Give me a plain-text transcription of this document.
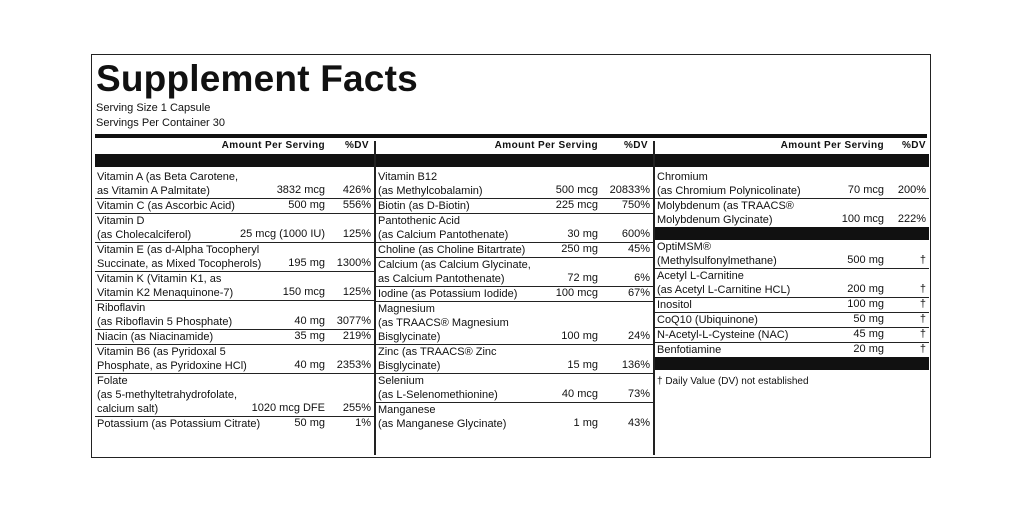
Supplement Facts
Serving Size 1 Capsule
Servings Per Container 30
Amount Per Serving %DV
Vitamin A (as Beta Carotene,
as Vitamin A Palmitate)	3832 mcg 426%
Vitamin C (as Ascorbic Acid)	500 mg 556%
Vitamin D
(as Cholecalciferol)	25 mcg (1000 IU) 125%
Vitamin E (as d-Alpha Tocopheryl
Succinate, as Mixed Tocopherols)	195 mg 1300%
Vitamin K (Vitamin K1, as
Vitamin K2 Menaquinone-7)	150 mcg 125%
Riboflavin
(as Riboflavin 5 Phosphate)	40 mg 3077%
Niacin (as Niacinamide)	35 mg 219%
Vitamin B6 (as Pyridoxal 5
Phosphate, as Pyridoxine HCl)	40 mg 2353%
Folate
(as 5-methyltetrahydrofolate,
calcium salt)	1020 mcg DFE 255%
Potassium (as Potassium Citrate)	50 mg	1%
Amount Per Serving	%DV
Vitamin B12
(as Methylcobalamin)	500 mcg 20833%
Biotin (as D-Biotin)	225 mcg 750%
Pantothenic Acid
(as Calcium Pantothenate)	30 mg 600%
Choline (as Choline Bitartrate)	250 mg	45%
Calcium (as Calcium Glycinate,
as Calcium Pantothenate)	72 mg	6%
Iodine (as Potassium Iodide)	100 mcg	67%
Magnesium
(as TRAACS® Magnesium
Bisglycinate)	100 mg	24%
Zinc (as TRAACS® Zinc
Bisglycinate)	15 mg 136%
Selenium
(as L-Selenomethionine)	40 mcg	73%
Manganese
(as Manganese Glycinate)	1 mg	43%
Amount Per Serving %DV
Chromium
(as Chromium Polynicolinate)	70 mcg 200%
Molybdenum (as TRAACS®
Molybdenum Glycinate)	100 mcg 222%
OptiMSM®
(Methylsulfonylmethane)	500 mg	†
Acetyl L-Carnitine
(as Acetyl L-Carnitine HCL)	200 mg	†
Inositol	100 mg	†
CoQ10 (Ubiquinone)	50 mg	†
N-Acetyl-L-Cysteine (NAC)	45 mg	†
Benfotiamine	20 mg	†
† Daily Value (DV) not established
